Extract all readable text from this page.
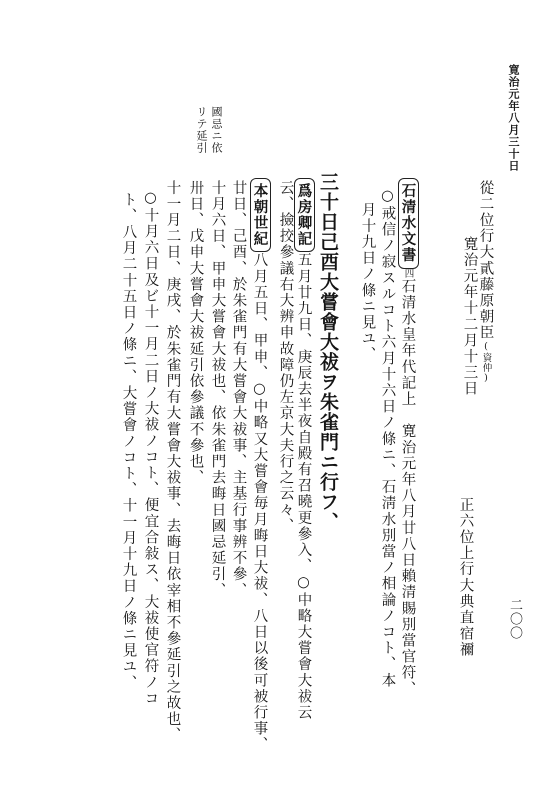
寛治元年八月三十日
二〇〇
國忌ニ依
リテ延引
從二位行大貳藤原朝臣(資仲)
寛治元年十二月十三日
正六位上行大典直宿禰
石清水文書四石清水皇年代記上　寛治元年八月廿八日賴清賜別當官符、
○戒信ノ寂スルコト六月十六日ノ條ニ、石淸水別當ノ相論ノコト、本
月十九日ノ條ニ見ユ、
三十日己酉大嘗會大祓ヲ朱雀門ニ行フ、
爲房卿記五月廿九日、庚辰去半夜自殿有召曉更參入、○中略大嘗會大祓云
云、撿挍參議右大辨申故障仍左京大夫行之云々、
本朝世紀八月五日、甲申、○中略又大嘗會毎月晦日大祓、八日以後可被行事、
廿日、己酉、於朱雀門有大嘗會大祓事、主基行事辨不參、
十月六日、甲申大嘗會大祓也、依朱雀門去晦日國忌延引、
卅日、戊申大嘗會大祓延引依參議不參也、
十一月二日、庚戌、於朱雀門有大嘗會大祓事、去晦日依宰相不參延引之故也、
○十月六日及ビ十一月二日ノ大祓ノコト、便宜合敍ス、大祓使官符ノコ
ト、八月二十五日ノ條ニ、大嘗會ノコト、十一月十九日ノ條ニ見ユ、
